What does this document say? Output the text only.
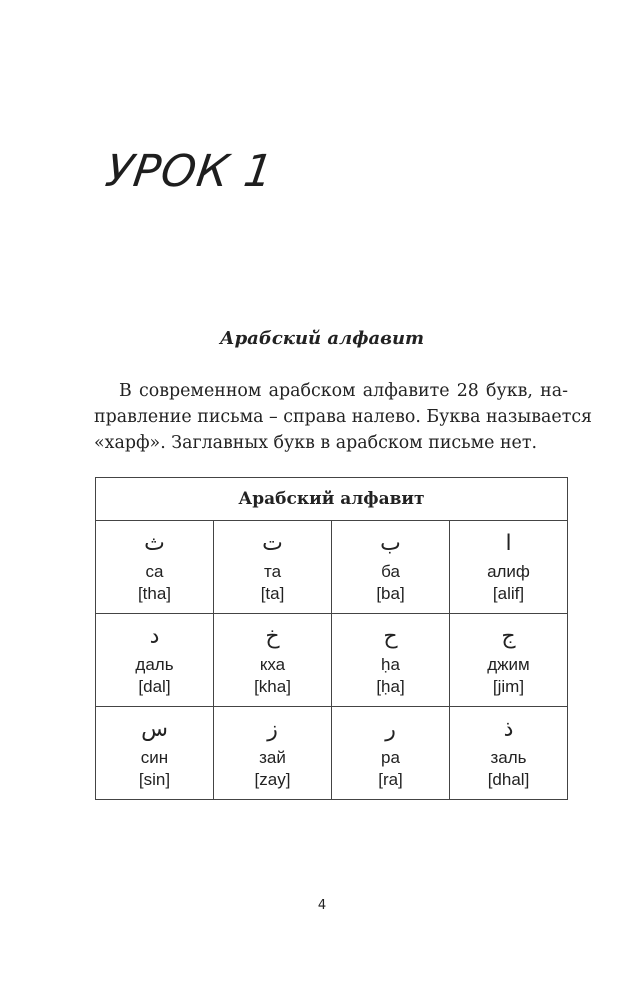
УРОК 1
Арабский алфавит
В современном арабском алфавите 28 букв, на-
правление письма – справа налево. Буква называется
«харф». Заглавных букв в арабском письме нет.
Арабский алфавит			

ث
са
[tha]	ت
та
[ta]	ب
ба
[ba]	ا
алиф
[alif]

د
даль
[dal]	خ
кха
[kha]	ح
ḥа
[ḥa]	ج
джим
[jim]

س
син
[sin]	ز
зай
[zay]	ر
ра
[ra]	ذ
заль
[dhal]
4
